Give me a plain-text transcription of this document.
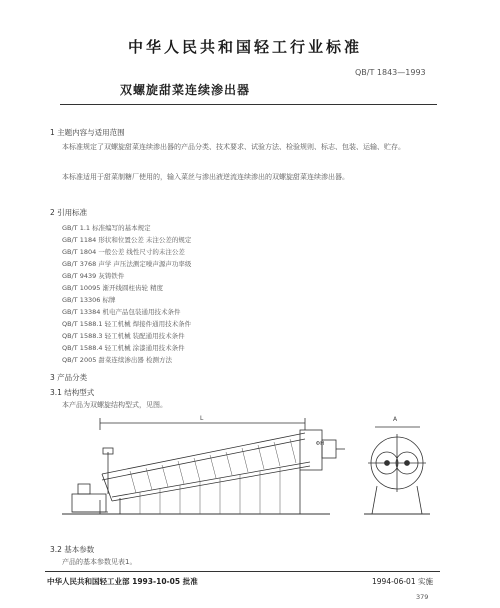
中华人民共和国轻工行业标准
QB/T 1843—1993
双螺旋甜菜连续渗出器
1 主题内容与适用范围
本标准规定了双螺旋甜菜连续渗出器的产品分类、技术要求、试验方法、检验规则、标志、包装、运输、贮存。
本标准适用于甜菜制糖厂使用的，输入菜丝与渗出液逆流连续渗出的双螺旋甜菜连续渗出器。
2 引用标准
GB/T 1.1 标准编写的基本规定
GB/T 1184 形状和位置公差 未注公差的规定
GB/T 1804 一般公差 线性尺寸的未注公差
GB/T 3768 声学 声压法测定噪声源声功率级
GB/T 9439 灰铸铁件
GB/T 10095 渐开线圆柱齿轮 精度
GB/T 13306 标牌
GB/T 13384 机电产品包装通用技术条件
QB/T 1588.1 轻工机械 焊接件通用技术条件
QB/T 1588.3 轻工机械 装配通用技术条件
QB/T 1588.4 轻工机械 涂漆通用技术条件
QB/T 2005 甜菜连续渗出器 检测方法
3 产品分类
3.1 结构型式
本产品为双螺旋结构型式，见图。
ΦH
A
L
3.2 基本参数
产品的基本参数见表1。
中华人民共和国轻工业部 1993-10-05 批准	1994-06-01 实施
379
